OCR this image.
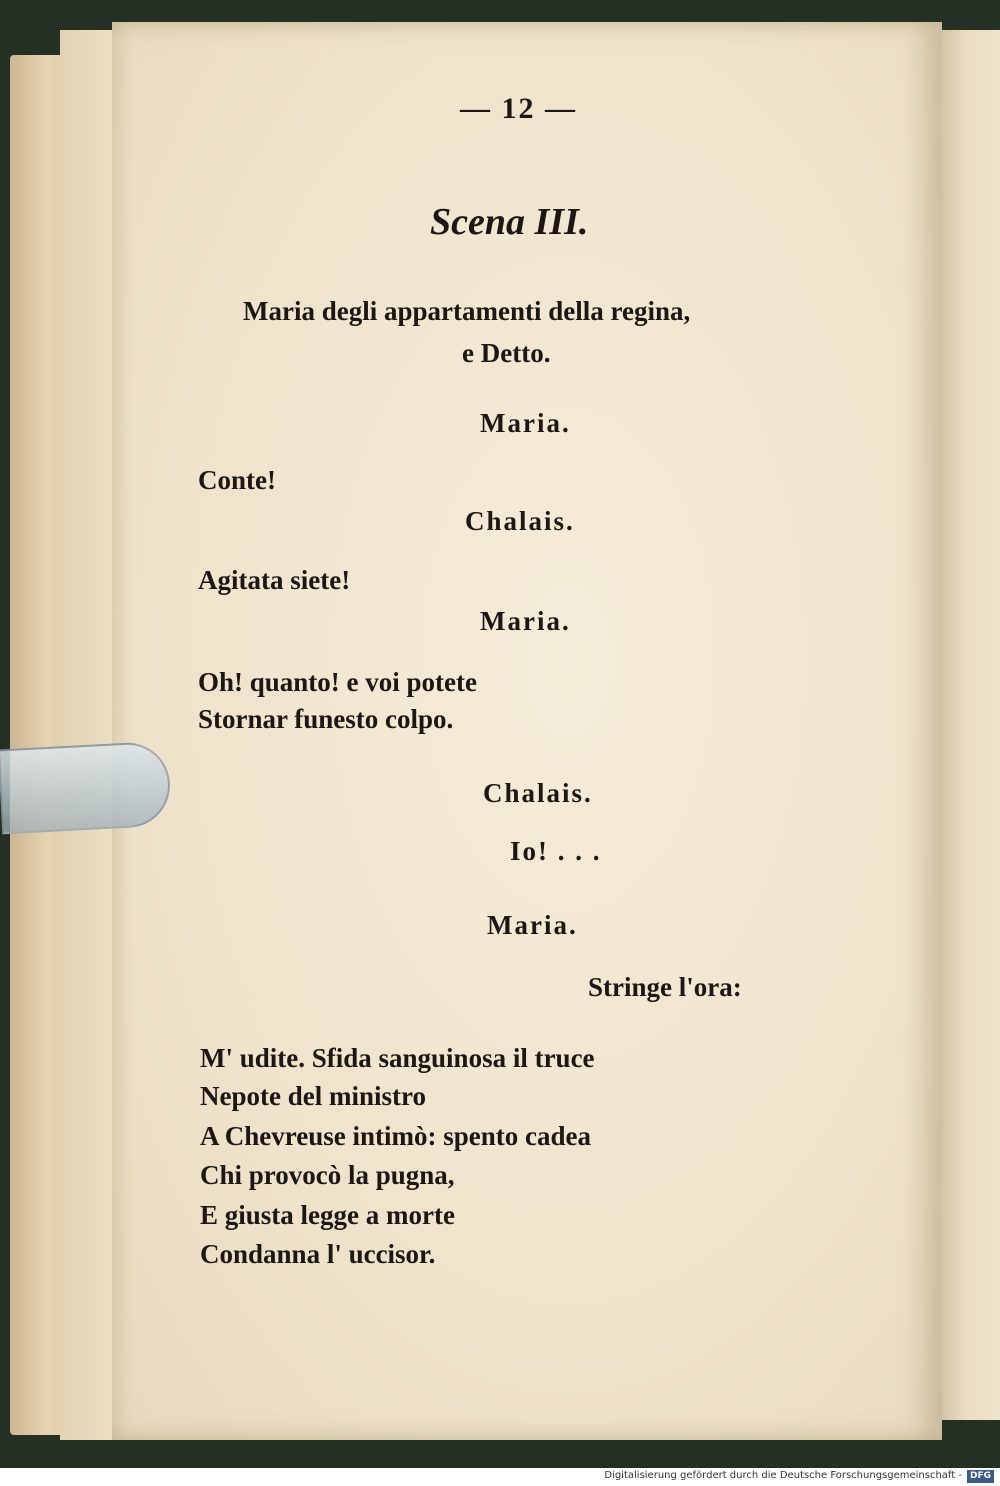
— 12 —
Scena III.
Maria degli appartamenti della regina,
e Detto.
Maria.
Conte!
Chalais.
Agitata siete!
Maria.
Oh! quanto! e voi potete
Stornar funesto colpo.
Chalais.
Io! . . .
Maria.
Stringe l'ora:
M' udite. Sfida sanguinosa il truce
Nepote del ministro
A Chevreuse intimò: spento cadea
Chi provocò la pugna,
E giusta legge a morte
Condanna l' uccisor.
Digitalisierung gefördert durch die Deutsche Forschungsgemeinschaft - DFG
